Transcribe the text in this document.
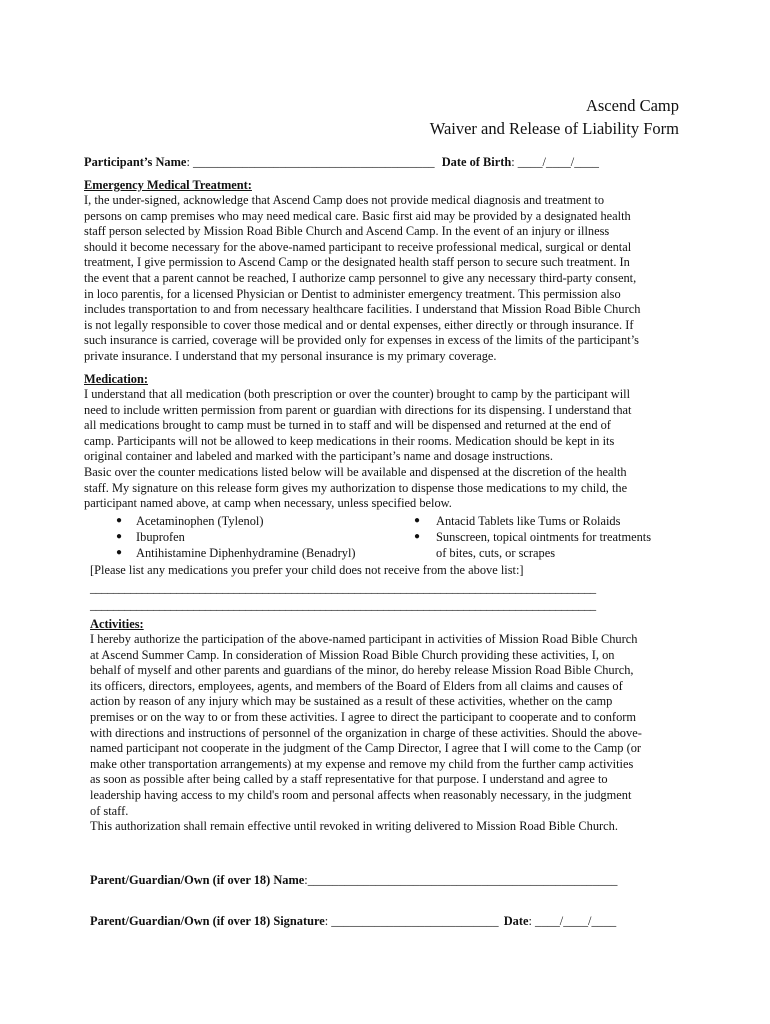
Ascend Camp
Waiver and Release of Liability Form
Participant’s Name: _______________________________________ Date of Birth: ____/____/____
Emergency Medical Treatment:
I, the under-signed, acknowledge that Ascend Camp does not provide medical diagnosis and treatment to
persons on camp premises who may need medical care. Basic first aid may be provided by a designated health
staff person selected by Mission Road Bible Church and Ascend Camp. In the event of an injury or illness
should it become necessary for the above-named participant to receive professional medical, surgical or dental
treatment, I give permission to Ascend Camp or the designated health staff person to secure such treatment. In
the event that a parent cannot be reached, I authorize camp personnel to give any necessary third-party consent,
in loco parentis, for a licensed Physician or Dentist to administer emergency treatment. This permission also
includes transportation to and from necessary healthcare facilities. I understand that Mission Road Bible Church
is not legally responsible to cover those medical and or dental expenses, either directly or through insurance. If
such insurance is carried, coverage will be provided only for expenses in excess of the limits of the participant’s
private insurance. I understand that my personal insurance is my primary coverage.
Medication:
I understand that all medication (both prescription or over the counter) brought to camp by the participant will
need to include written permission from parent or guardian with directions for its dispensing. I understand that
all medications brought to camp must be turned in to staff and will be dispensed and returned at the end of
camp. Participants will not be allowed to keep medications in their rooms. Medication should be kept in its
original container and labeled and marked with the participant’s name and dosage instructions.
Basic over the counter medications listed below will be available and dispensed at the discretion of the health
staff. My signature on this release form gives my authorization to dispense those medications to my child, the
participant named above, at camp when necessary, unless specified below.
● Acetaminophen (Tylenol)
● Ibuprofen
● Antihistamine Diphenhydramine (Benadryl)
● Antacid Tablets like Tums or Rolaids
● Sunscreen, topical ointments for treatments
of bites, cuts, or scrapes
[Please list any medications you prefer your child does not receive from the above list:]
________________________________________________________________________________________
________________________________________________________________________________________
Activities:
I hereby authorize the participation of the above-named participant in activities of Mission Road Bible Church
at Ascend Summer Camp. In consideration of Mission Road Bible Church providing these activities, I, on
behalf of myself and other parents and guardians of the minor, do hereby release Mission Road Bible Church,
its officers, directors, employees, agents, and members of the Board of Elders from all claims and causes of
action by reason of any injury which may be sustained as a result of these activities, whether on the camp
premises or on the way to or from these activities. I agree to direct the participant to cooperate and to conform
with directions and instructions of personnel of the organization in charge of these activities. Should the above-
named participant not cooperate in the judgment of the Camp Director, I agree that I will come to the Camp (or
make other transportation arrangements) at my expense and remove my child from the further camp activities
as soon as possible after being called by a staff representative for that purpose. I understand and agree to
leadership having access to my child's room and personal affects when reasonably necessary, in the judgment
of staff.
This authorization shall remain effective until revoked in writing delivered to Mission Road Bible Church.
Parent/Guardian/Own (if over 18) Name:__________________________________________________
Parent/Guardian/Own (if over 18) Signature: ___________________________ Date: ____/____/____
